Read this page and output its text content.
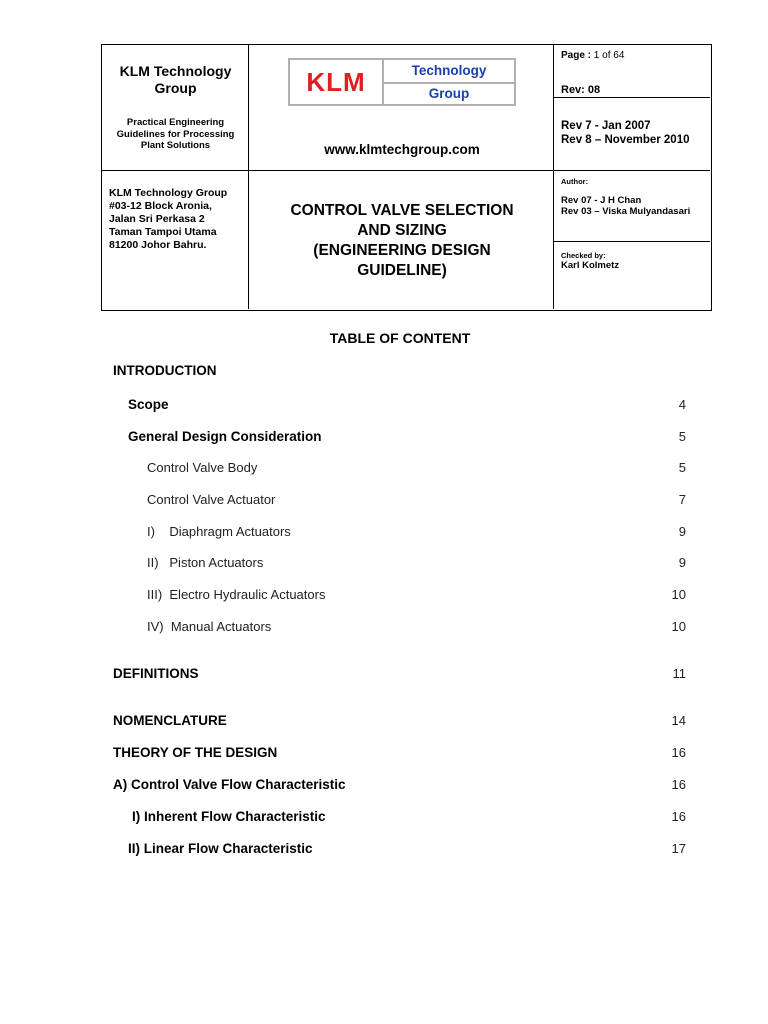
KLM Technology Group
Practical Engineering Guidelines for Processing Plant Solutions
KLM Technology Group
#03-12 Block Aronia,
Jalan Sri Perkasa 2
Taman Tampoi Utama
81200 Johor Bahru.
KLM	Technology
Group
www.klmtechgroup.com
CONTROL VALVE SELECTION
AND SIZING
(ENGINEERING DESIGN
GUIDELINE)
Page : 1 of 64
Rev: 08
Rev 7 - Jan 2007
Rev 8 – November 2010
Author:
Rev 07 - J H Chan
Rev 03 – Viska Mulyandasari
Checked by:
Karl Kolmetz
TABLE OF CONTENT
INTRODUCTION
Scope	4
General Design Consideration	5
Control Valve Body	5
Control Valve Actuator	7
I)    Diaphragm Actuators	9
II)   Piston Actuators	9
III)  Electro Hydraulic Actuators	10
IV)  Manual Actuators	10
DEFINITIONS	11
NOMENCLATURE	14
THEORY OF THE DESIGN	16
A) Control Valve Flow Characteristic	16
I) Inherent Flow Characteristic	16
II) Linear Flow Characteristic	17
